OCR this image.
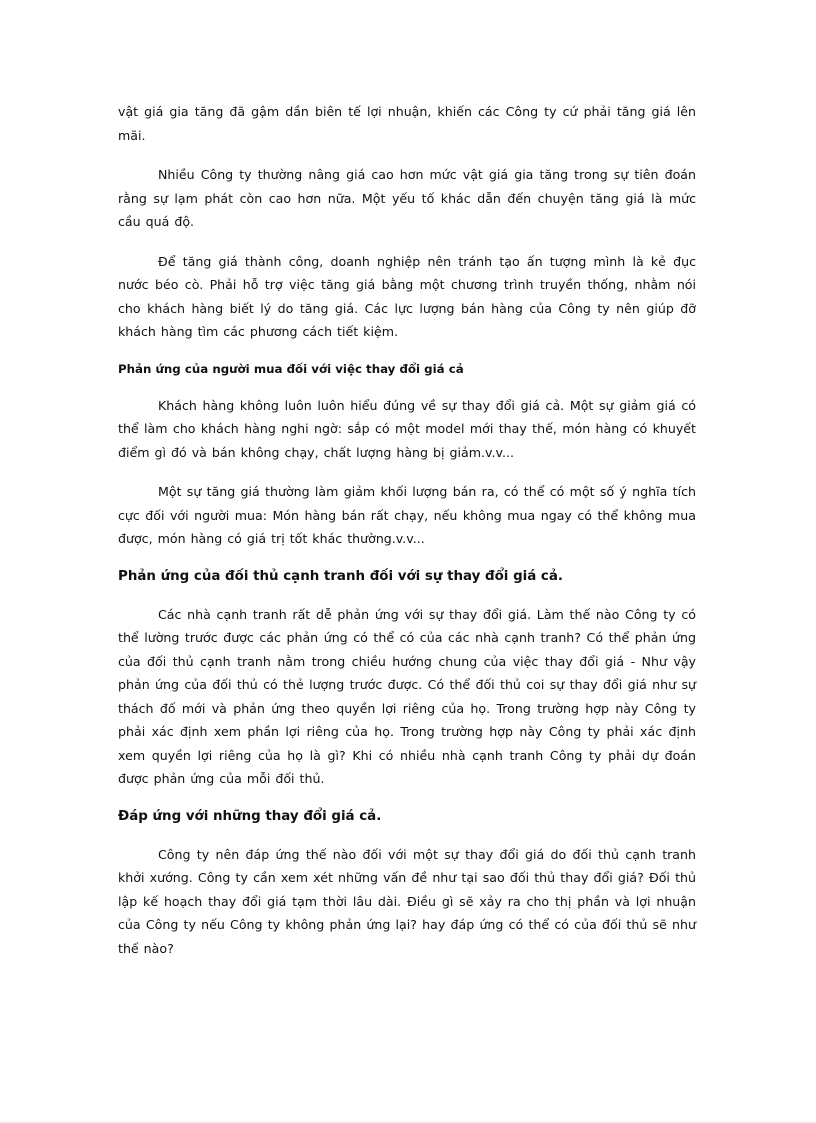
vật giá gia tăng đã gậm dần biên tế lợi nhuận, khiến các Công ty cứ phải tăng giá lên mãi.

Nhiều Công ty thường nâng giá cao hơn mức vật giá gia tăng trong sự tiên đoán rằng sự lạm phát còn cao hơn nữa. Một yếu tố khác dẫn đến chuyện tăng giá là mức cầu quá độ.

Để tăng giá thành công, doanh nghiệp nên tránh tạo ấn tượng mình là kẻ đục nước béo cò. Phải hỗ trợ việc tăng giá bằng một chương trình truyền thống, nhằm nói cho khách hàng biết lý do tăng giá. Các lực lượng bán hàng của Công ty nên giúp đỡ khách hàng tìm các phương cách tiết kiệm.

Phản ứng của người mua đối với việc thay đổi giá cả

Khách hàng không luôn luôn hiểu đúng về sự thay đổi giá cả. Một sự giảm giá có thể làm cho khách hàng nghi ngờ: sắp có một model mới thay thế, món hàng có khuyết điểm gì đó và bán không chạy, chất lượng hàng bị giảm.v.v...

Một sự tăng giá thường làm giảm khối lượng bán ra, có thể có một số ý nghĩa tích cực đối với người mua: Món hàng bán rất chạy, nếu không mua ngay có thể không mua được, món hàng có giá trị tốt khác thường.v.v...

Phản ứng của đối thủ cạnh tranh đối với sự thay đổi giá cả.

Các nhà cạnh tranh rất dễ phản ứng với sự thay đổi giá. Làm thế nào Công ty có thể lường trước được các phản ứng có thể có của các nhà cạnh tranh? Có thể phản ứng của đối thủ cạnh tranh nằm trong chiều hướng chung của việc thay đổi giá - Như vậy phản ứng của đối thủ có thẻ lượng trước được. Có thể đối thủ coi sự thay đổi giá như sự thách đố mới và phản ứng theo quyền lợi riêng của họ. Trong trường hợp này Công ty phải xác định xem phần lợi riêng của họ. Trong trường hợp này Công ty phải xác định xem quyền lợi riêng của họ là gì? Khi có nhiều nhà cạnh tranh Công ty phải dự đoán được phản ứng của mỗi đối thủ.

Đáp ứng với những thay đổi giá cả.

Công ty nên đáp ứng thế nào đối với một sự thay đổi giá do đối thủ cạnh tranh khởi xướng. Công ty cần xem xét những vấn đề như tại sao đối thủ thay đổi giá? Đối thủ lập kế hoạch thay đổi giá tạm thời lâu dài. Điều gì sẽ xảy ra cho thị phần và lợi nhuận của Công ty nếu Công ty không phản ứng lại? hay đáp ứng có thể có của đối thủ sẽ như thế nào?
